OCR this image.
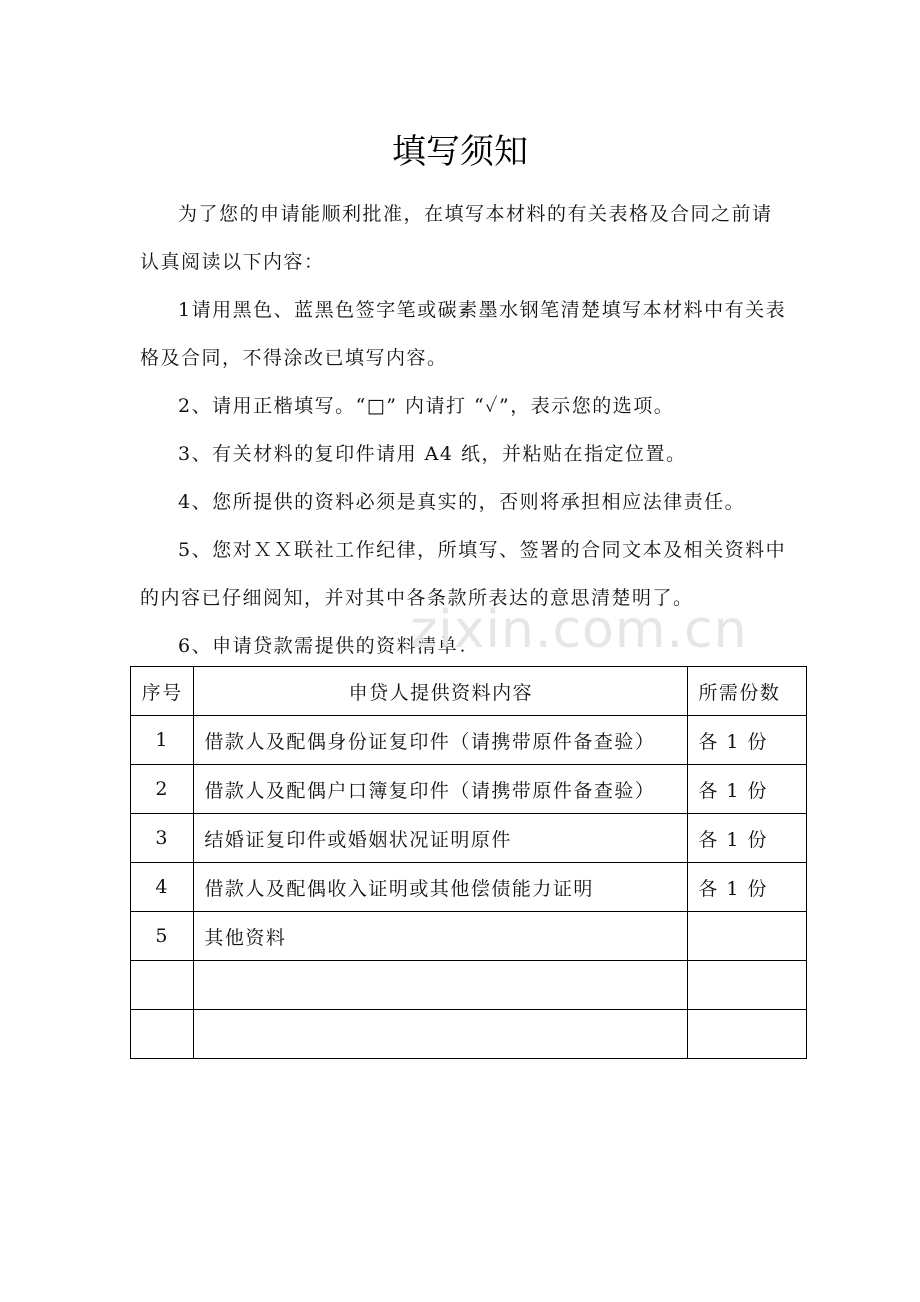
填写须知

为了您的申请能顺利批准，在填写本材料的有关表格及合同之前请认真阅读以下内容：

1请用黑色、蓝黑色签字笔或碳素墨水钢笔清楚填写本材料中有关表格及合同，不得涂改已填写内容。

2、请用正楷填写。“□” 内请打 “✓”，表示您的选项。

3、有关材料的复印件请用 A4 纸，并粘贴在指定位置。

4、您所提供的资料必须是真实的，否则将承担相应法律责任。

5、您对ＸＸ联社工作纪律，所填写、签署的合同文本及相关资料中的内容已仔细阅知，并对其中各条款所表达的意思清楚明了。

6、申请贷款需提供的资料清单：

zixin.com.cn
序号	申贷人提供资料内容	所需份数
1	借款人及配偶身份证复印件（请携带原件备查验）	各 1 份
2	借款人及配偶户口簿复印件（请携带原件备查验）	各 1 份
3	结婚证复印件或婚姻状况证明原件	各 1 份
4	借款人及配偶收入证明或其他偿债能力证明	各 1 份
5	其他资料	
